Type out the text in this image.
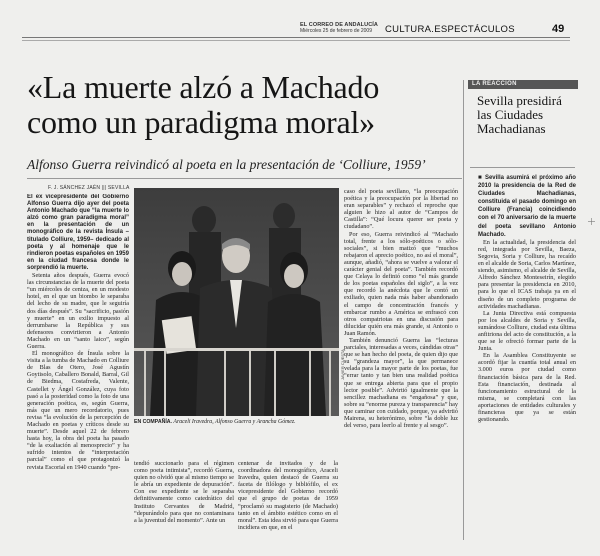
EL CORREO DE ANDALUCÍA
Miércoles 25 de febrero de 2009	CULTURA.ESPECTÁCULOS	49
«La muerte alzó a Machado
como un paradigma moral»
Alfonso Guerra reivindicó al poeta en la presentación de ‘Colliure, 1959’
F. J. SÁNCHEZ JAÉN ||| SEVILLA

El ex vicepresidente del Gobierno Alfonso Guerra dijo ayer del poeta Antonio Machado que “la muerte lo alzó como gran paradigma moral” en la presentación de un monográfico de la revista Ínsula –titulado Colliure, 1959– dedicado al poeta y al homenaje que le rindieron poetas españoles en 1959 en la ciudad francesa donde le sorprendió la muerte.

Setenta años después, Guerra evocó las circunstancias de la muerte del poeta “un miércoles de ceniza, en un modesto hotel, en el que un biombo le separaba del lecho de su madre, que le seguiría dos días después”. Su “sacrificio, pasión y muerte” en un exilio impuesto al derrumbarse la República y sus defensores convirtieron a Antonio Machado en un “santo laico”, según Guerra.

El monográfico de Ínsula sobre la visita a la tumba de Machado en Colliure de Blas de Otero, José Agustín Goytisolo, Caballero Bonald, Barral, Gil de Biedma, Costafreda, Valente, Castellet y Ángel González, cuya foto pasó a la posteridad como la foto de una generación poética, es, según Guerra, más que un mero recordatorio, pues revisa “la evolución de la percepción de Machado en poetas y críticos desde su muerte”. Desde aquel 22 de febrero hasta hoy, la obra del poeta ha pasado “de la exaltación al menosprecio” y ha sufrido intentos de “interpretación parcial” como el que protagonizó la revista Escorial en 1940 cuando “pre-

JAVIER CUESTA
EN COMPAÑÍA. Araceli Iravedra, Alfonso Guerra y Arancha Gómez.

tendió succionarlo para el régimen como poeta intimista”, recordó Guerra, quien no olvidó que al mismo tiempo se le abría un expediente de depuración”. Con ese expediente se le separaba definitivamente como catedrático del Instituto Cervantes de Madrid, “depurándolo para que no contaminara a la juventud del momento”. Ante un

centenar de invitados y de la coordinadora del monográfico, Araceli Iravedra, quien destacó de Guerra su faceta de filólogo y bibliófilo, el ex vicepresidente del Gobierno recordó que el grupo de poetas de 1959 “proclamó su magisterio (de Machado) tanto en el ámbito estético como en el moral”. Esta idea sirvió para que Guerra incidiera en que, en el

caso del poeta sevillano, “la preocupación poética y la preocupación por la libertad no eran separables” y rechazó el reproche que alguien le hizo al autor de “Campos de Castilla”: “Qué locura querer ser poeta y ciudadano”.

Por eso, Guerra reivindicó al “Machado total, frente a los sólo-poéticos o sólo-sociales”, si bien matizó que “muchos rebajaron el aprecio poético, no así el moral”, aunque, añadió, “ahora se vuelve a valorar el carácter genial del poeta”. También recordó que Celaya lo definió como “el más grande de los poetas españoles del siglo”, a la vez que recordó la anécdota que le contó un exiliado, quien nada más haber abandonado el campo de concentración francés y embarcar rumbo a América se enfrascó con otros compatriotas en una discusión para dilucidar quién era más grande, si Antonio o Juan Ramón.

También denunció Guerra las “lecturas parciales, interesadas a veces, cándidas otras” que se han hecho del poeta, de quien dijo que su “grandeza mayor”, la que permanece velada para la mayor parte de los poetas, fue “errar tanto y tan bien una realidad poética que se entrega abierta para que el propio lector posible”. Advirtió igualmente que la sencillez machadiana es “engañosa” y que, sobre su “enorme pureza y transparencia” hay que caminar con cuidado, porque, ya advirtió Mairena, su heterónimo, sobre “la doble luz del verso, para leerlo al frente y al sesgo”.

LA REACCIÓN
Sevilla presidirá las Ciudades Machadianas

■ Sevilla asumirá el próximo año 2010 la presidencia de la Red de Ciudades Machadianas, constituida el pasado domingo en Colliure (Francia) coincidiendo con el 70 aniversario de la muerte del poeta sevillano Antonio Machado.

En la actualidad, la presidencia del red, integrada por Sevilla, Baeza, Segovia, Soria y Colliure, ha recaído en el alcalde de Soria, Carlos Martínez, siendo, asimismo, el alcalde de Sevilla, Alfredo Sánchez Monteseirín, elegido para presentar la presidencia en 2010, para lo que el ICAS trabaja ya en el diseño de un completo programa de actividades machadianas.

La Junta Directiva está compuesta por los alcaldes de Soria y Sevilla, sumándose Colliure, ciudad esta última anfitriona del acto de constitución, a la que se le ofreció formar parte de la Junta.

En la Asamblea Constituyente se acordó fijar la cuantía total anual en 3.000 euros por ciudad como financiación básica para de la Red. Esta financiación, destinada al funcionamiento estructural de la misma, se completará con las aportaciones de entidades culturales y financieras que ya se están gestionando.
